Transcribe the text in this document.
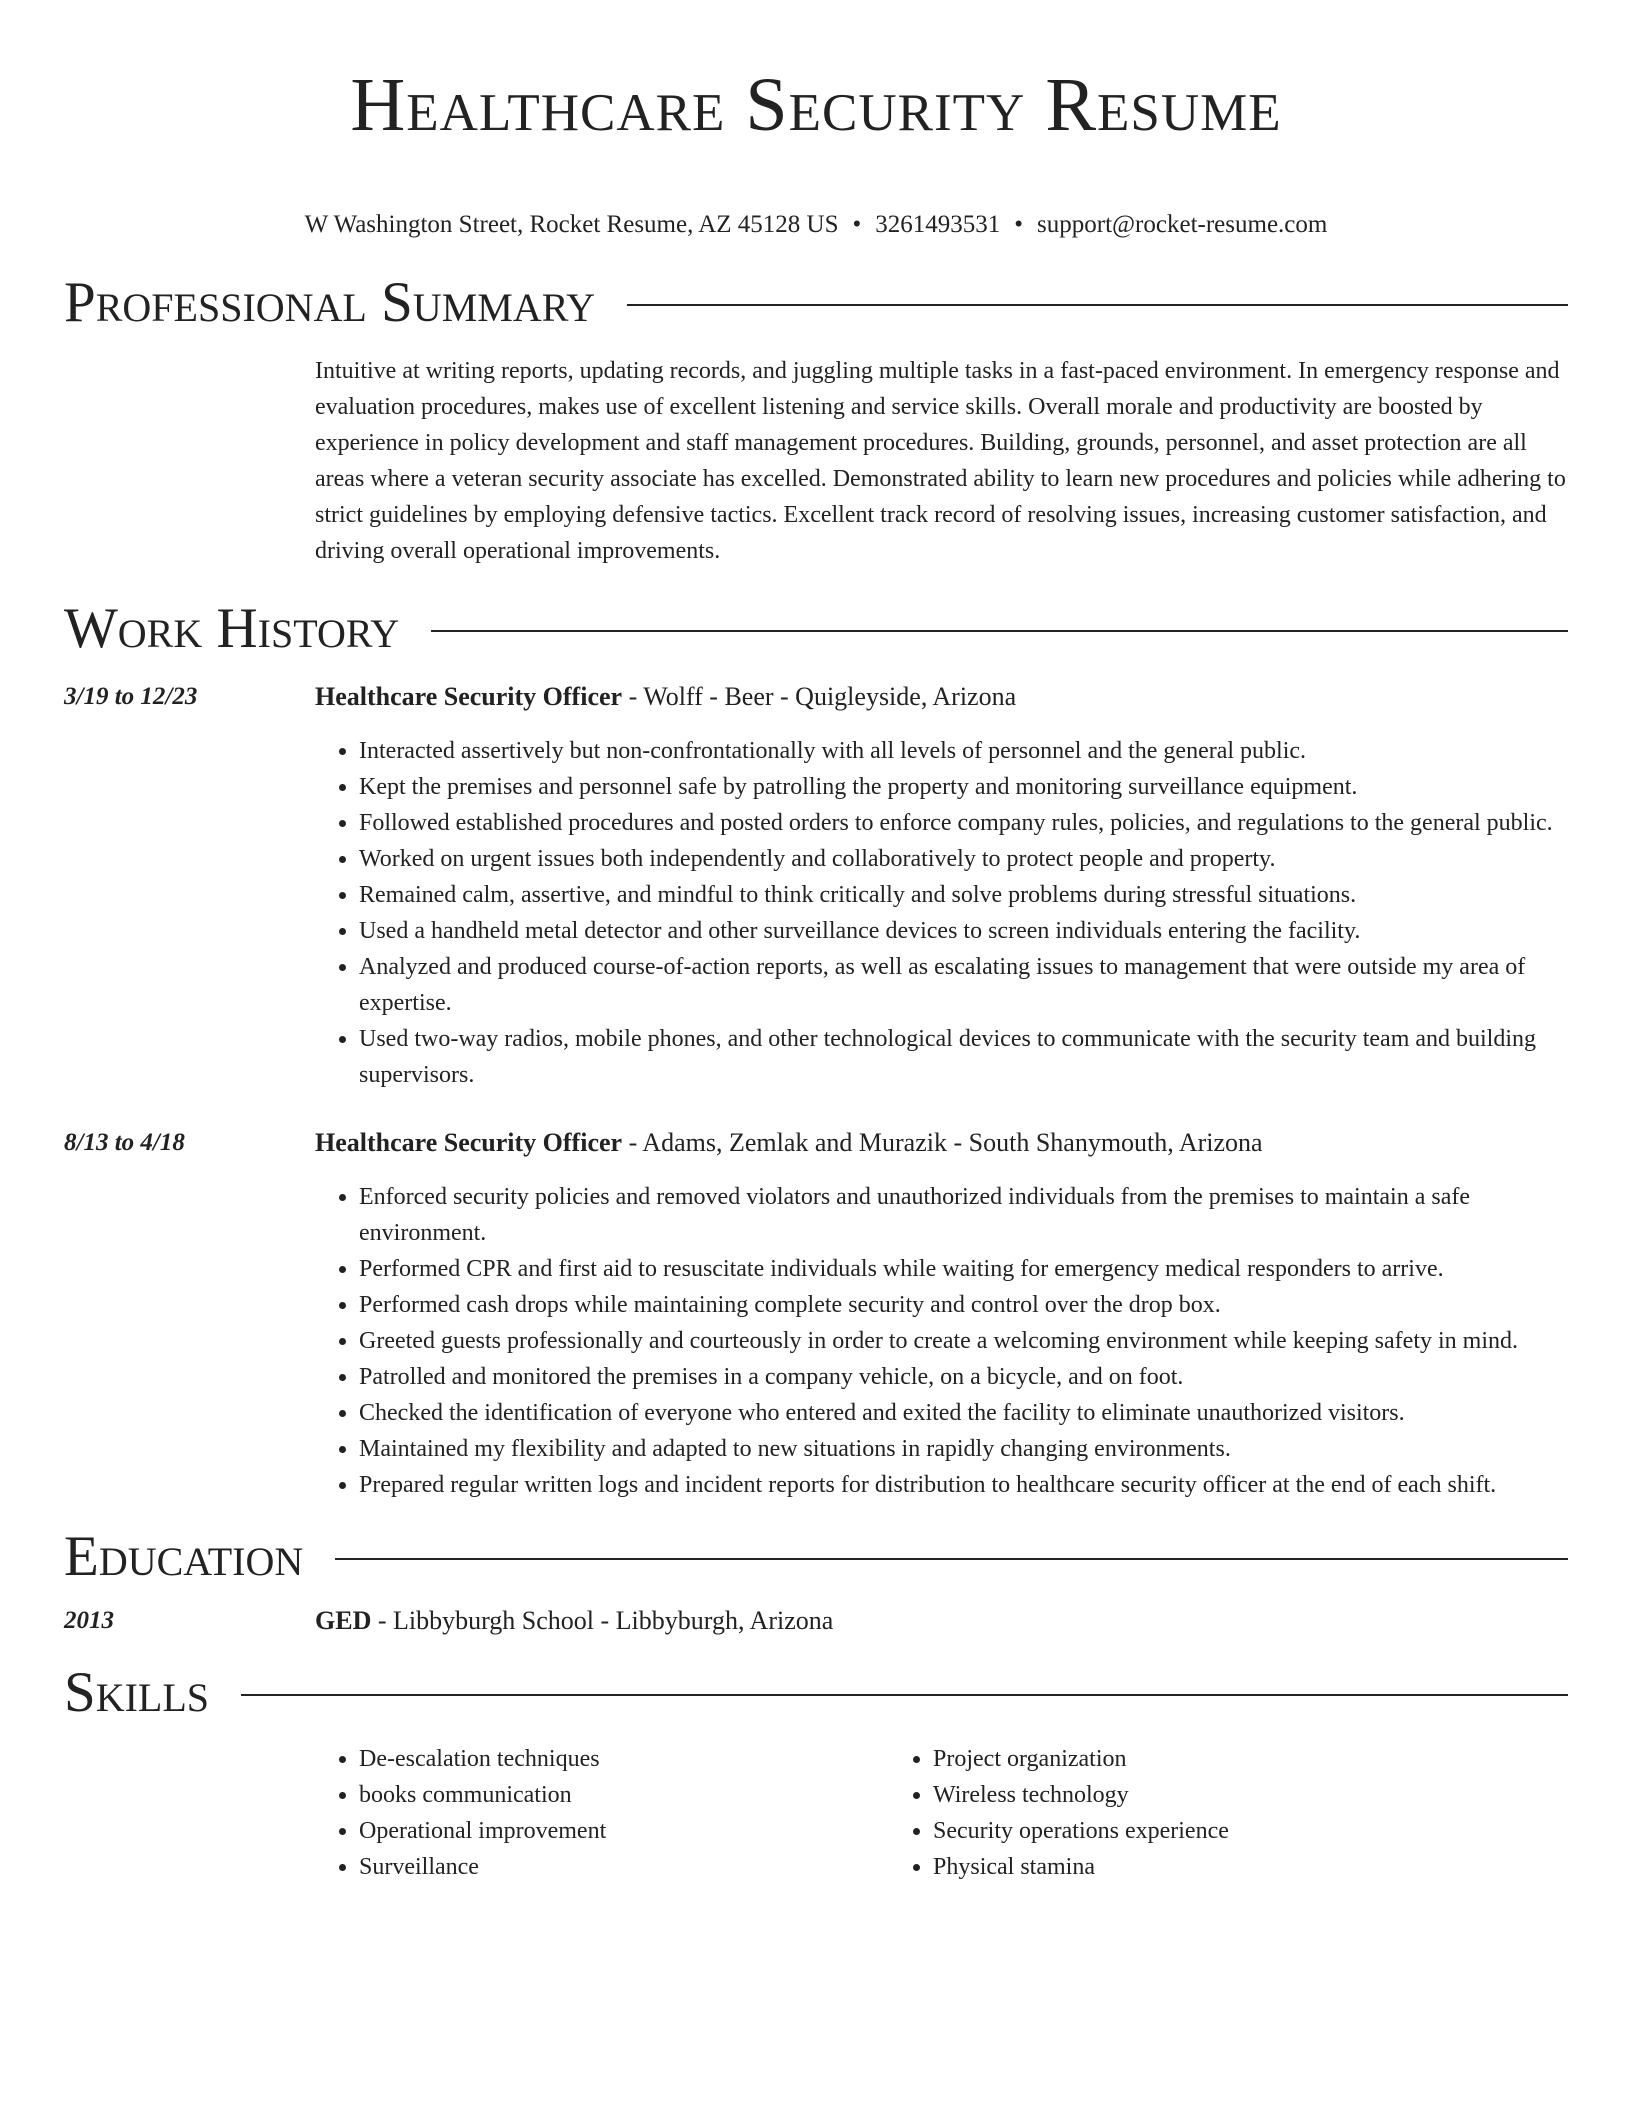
Healthcare Security Resume
W Washington Street, Rocket Resume, AZ 45128 US • 3261493531 • support@rocket-resume.com
Professional Summary

Intuitive at writing reports, updating records, and juggling multiple tasks in a fast-paced environment. In emergency response and evaluation procedures, makes use of excellent listening and service skills. Overall morale and productivity are boosted by experience in policy development and staff management procedures. Building, grounds, personnel, and asset protection are all areas where a veteran security associate has excelled. Demonstrated ability to learn new procedures and policies while adhering to strict guidelines by employing defensive tactics. Excellent track record of resolving issues, increasing customer satisfaction, and driving overall operational improvements.

Work History
3/19 to 12/23	Healthcare Security Officer - Wolff - Beer - Quigleyside, Arizona
• Interacted assertively but non-confrontationally with all levels of personnel and the general public.
• Kept the premises and personnel safe by patrolling the property and monitoring surveillance equipment.
• Followed established procedures and posted orders to enforce company rules, policies, and regulations to the general public.
• Worked on urgent issues both independently and collaboratively to protect people and property.
• Remained calm, assertive, and mindful to think critically and solve problems during stressful situations.
• Used a handheld metal detector and other surveillance devices to screen individuals entering the facility.
• Analyzed and produced course-of-action reports, as well as escalating issues to management that were outside my area of expertise.
• Used two-way radios, mobile phones, and other technological devices to communicate with the security team and building supervisors.
8/13 to 4/18	Healthcare Security Officer - Adams, Zemlak and Murazik - South Shanymouth, Arizona
• Enforced security policies and removed violators and unauthorized individuals from the premises to maintain a safe environment.
• Performed CPR and first aid to resuscitate individuals while waiting for emergency medical responders to arrive.
• Performed cash drops while maintaining complete security and control over the drop box.
• Greeted guests professionally and courteously in order to create a welcoming environment while keeping safety in mind.
• Patrolled and monitored the premises in a company vehicle, on a bicycle, and on foot.
• Checked the identification of everyone who entered and exited the facility to eliminate unauthorized visitors.
• Maintained my flexibility and adapted to new situations in rapidly changing environments.
• Prepared regular written logs and incident reports for distribution to healthcare security officer at the end of each shift.
Education
2013	GED - Libbyburgh School - Libbyburgh, Arizona
Skills
• De-escalation techniques
• books communication
• Operational improvement
• Surveillance
• Project organization
• Wireless technology
• Security operations experience
• Physical stamina
